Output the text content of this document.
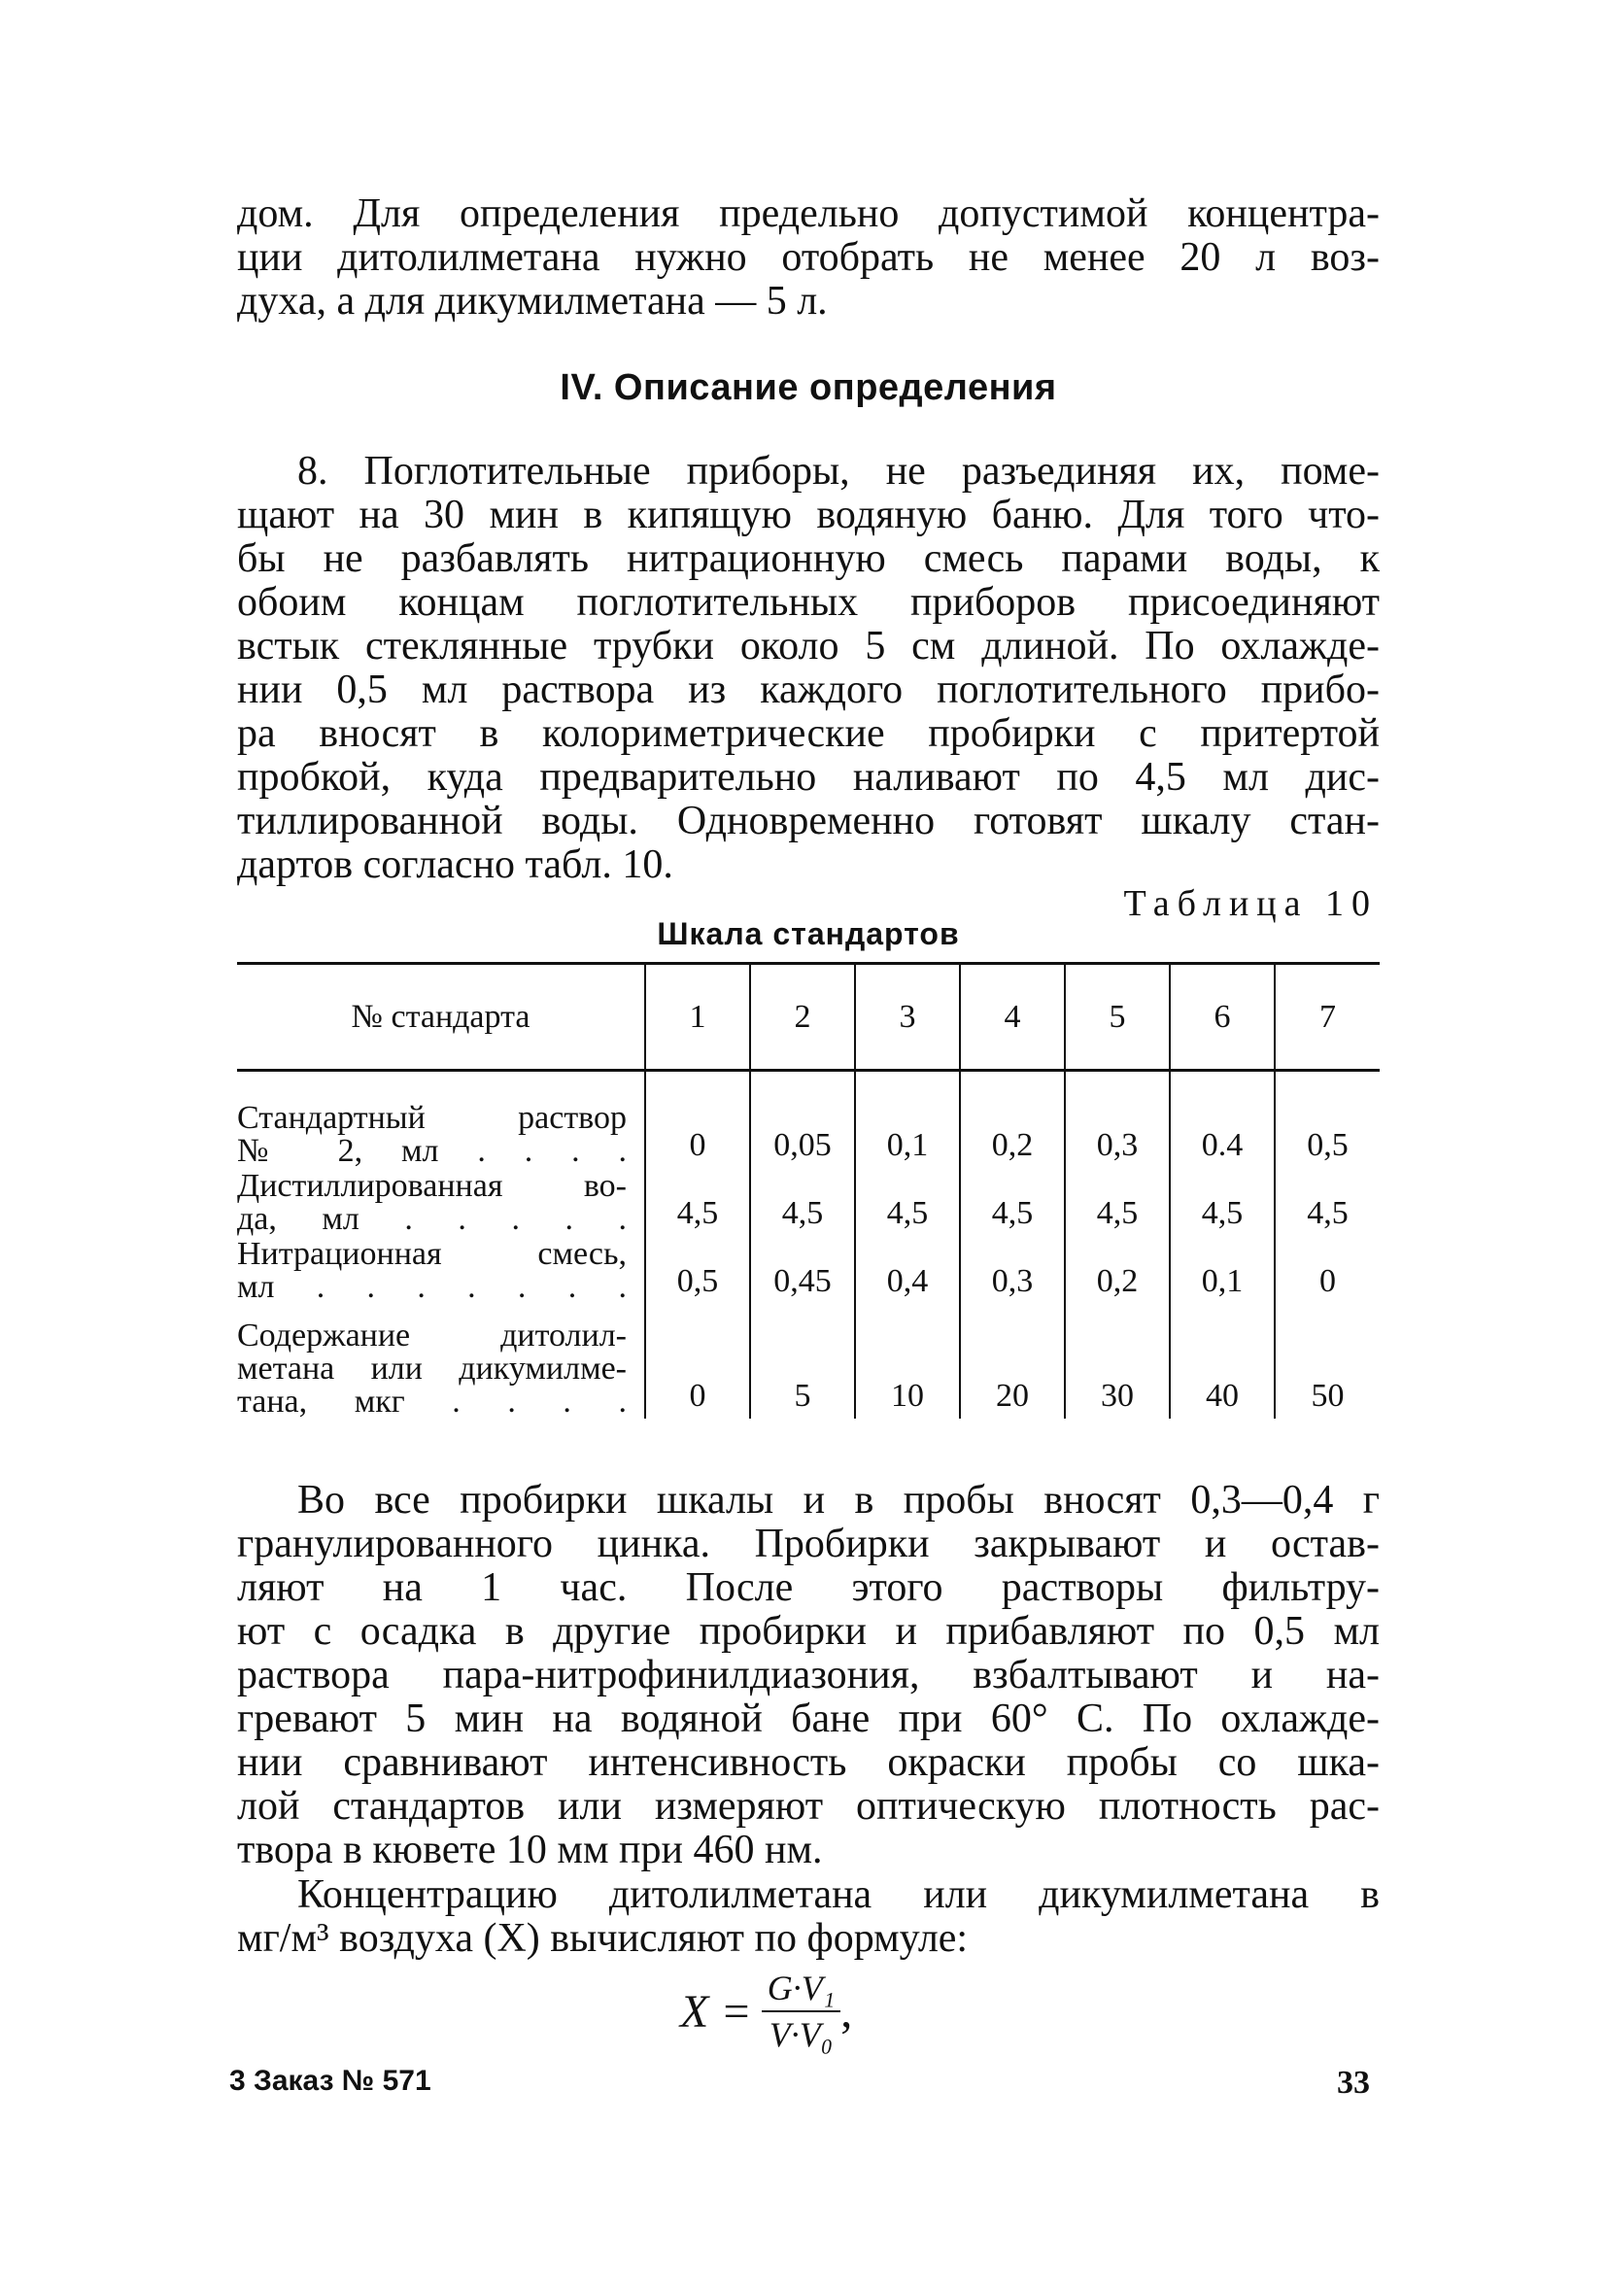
дом. Для определения предельно допустимой концентра-
ции дитолилметана нужно отобрать не менее 20 л воз-
духа, а для дикумилметана — 5 л.

IV. Описание определения

8. Поглотительные приборы, не разъединяя их, поме-
щают на 30 мин в кипящую водяную баню. Для того что-
бы не разбавлять нитрационную смесь парами воды, к
обоим концам поглотительных приборов присоединяют
встык стеклянные трубки около 5 см длиной. По охлажде-
нии 0,5 мл раствора из каждого поглотительного прибо-
ра вносят в колориметрические пробирки с притертой
пробкой, куда предварительно наливают по 4,5 мл дис-
тиллированной воды. Одновременно готовят шкалу стан-
дартов согласно табл. 10.

Таблица 10
Шкала стандартов
№ стандарта	1	2	3	4	5	6	7

Стандартный раствор
№ 2, мл . . . .	0	0,05	0,1	0,2	0,3	0.4	0,5

Дистиллированная во-
да, мл . . . . .	4,5	4,5	4,5	4,5	4,5	4,5	4,5

Нитрационная смесь,
мл . . . . . . .	0,5	0,45	0,4	0,3	0,2	0,1	0

Содержание дитолил-
метана или дикумилме-
тана, мкг . . . .	0	5	10	20	30	40	50

Во все пробирки шкалы и в пробы вносят 0,3—0,4 г
гранулированного цинка. Пробирки закрывают и остав-
ляют на 1 час. После этого растворы фильтру-
ют с осадка в другие пробирки и прибавляют по 0,5 мл
раствора пара-нитрофинилдиазония, взбалтывают и на-
гревают 5 мин на водяной бане при 60° С. По охлажде-
нии сравнивают интенсивность окраски пробы со шка-
лой стандартов или измеряют оптическую плотность рас-
твора в кювете 10 мм при 460 нм.

Концентрацию дитолилметана или дикумилметана в
мг/м³ воздуха (X) вычисляют по формуле:

$X = \frac{\text{G·V₁}}{\text{V·V₀}}$ ,
3 Заказ № 571	33
